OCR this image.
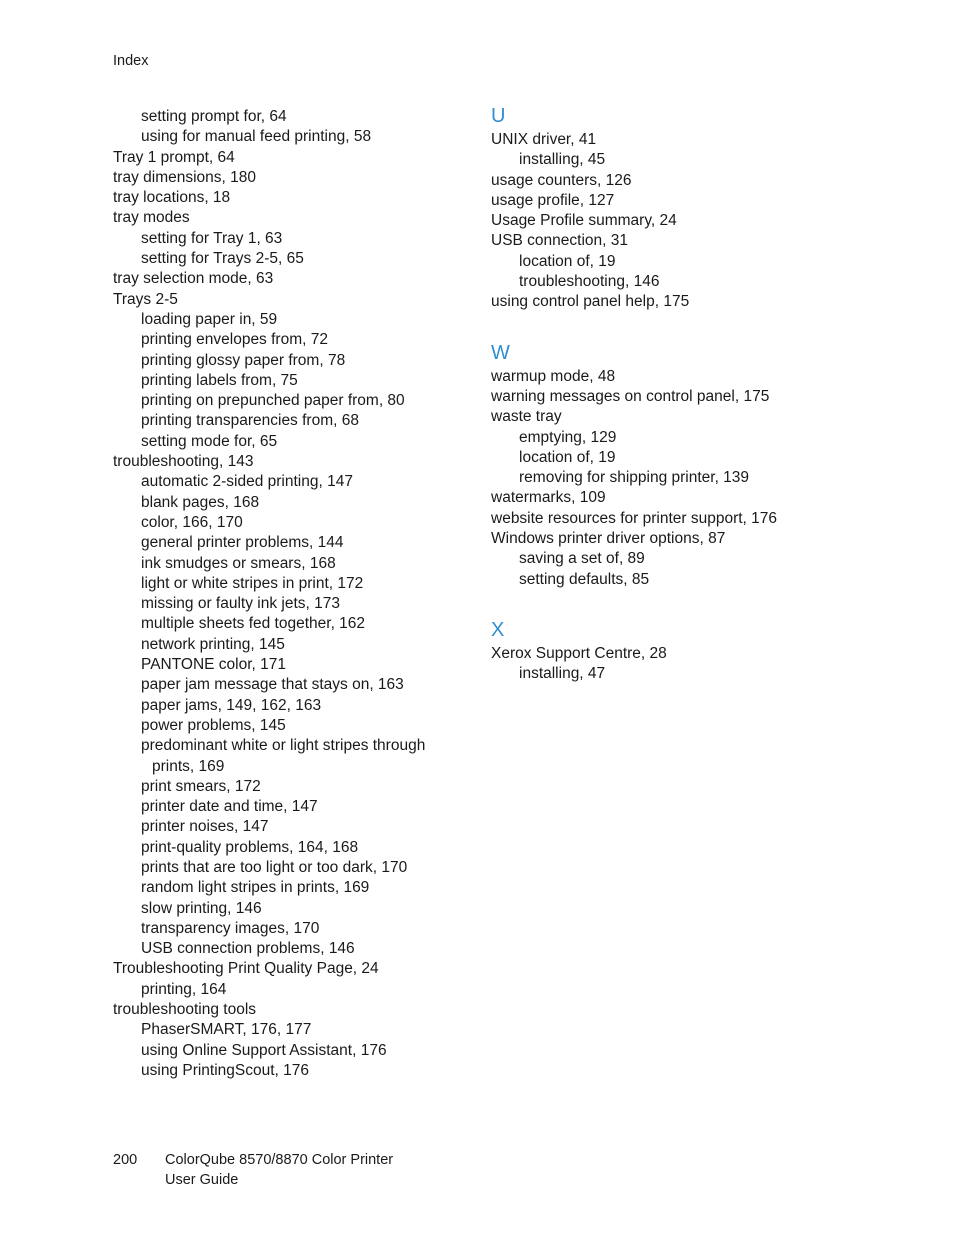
Index
setting prompt for, 64
using for manual feed printing, 58
Tray 1 prompt, 64
tray dimensions, 180
tray locations, 18
tray modes
setting for Tray 1, 63
setting for Trays 2-5, 65
tray selection mode, 63
Trays 2-5
loading paper in, 59
printing envelopes from, 72
printing glossy paper from, 78
printing labels from, 75
printing on prepunched paper from, 80
printing transparencies from, 68
setting mode for, 65
troubleshooting, 143
automatic 2-sided printing, 147
blank pages, 168
color, 166, 170
general printer problems, 144
ink smudges or smears, 168
light or white stripes in print, 172
missing or faulty ink jets, 173
multiple sheets fed together, 162
network printing, 145
PANTONE color, 171
paper jam message that stays on, 163
paper jams, 149, 162, 163
power problems, 145
predominant white or light stripes through
prints, 169
print smears, 172
printer date and time, 147
printer noises, 147
print-quality problems, 164, 168
prints that are too light or too dark, 170
random light stripes in prints, 169
slow printing, 146
transparency images, 170
USB connection problems, 146
Troubleshooting Print Quality Page, 24
printing, 164
troubleshooting tools
PhaserSMART, 176, 177
using Online Support Assistant, 176
using PrintingScout, 176
U
UNIX driver, 41
installing, 45
usage counters, 126
usage profile, 127
Usage Profile summary, 24
USB connection, 31
location of, 19
troubleshooting, 146
using control panel help, 175
W
warmup mode, 48
warning messages on control panel, 175
waste tray
emptying, 129
location of, 19
removing for shipping printer, 139
watermarks, 109
website resources for printer support, 176
Windows printer driver options, 87
saving a set of, 89
setting defaults, 85
X
Xerox Support Centre, 28
installing, 47
200 ColorQube 8570/8870 Color Printer
User Guide
